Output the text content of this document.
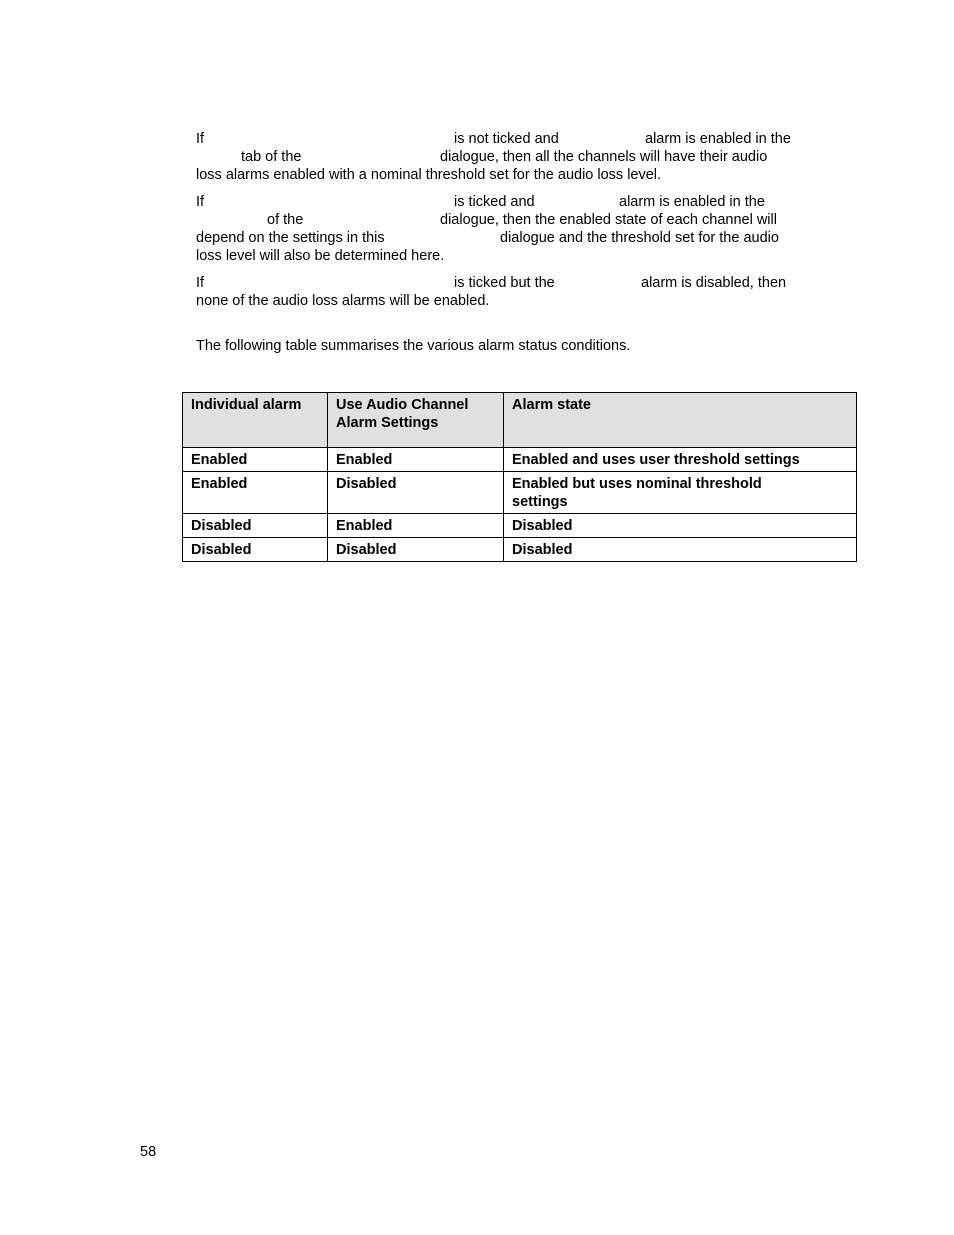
If	is not ticked and	alarm is enabled in the
tab of the	dialogue, then all the channels will have their audio
loss alarms enabled with a nominal threshold set for the audio loss level.
If	is ticked and	alarm is enabled in the
of the	dialogue, then the enabled state of each channel will
depend on the settings in this	dialogue and the threshold set for the audio
loss level will also be determined here.
If	is ticked but the	alarm is disabled, then
none of the audio loss alarms will be enabled.
The following table summarises the various alarm status conditions.
Individual alarm	Use Audio Channel Alarm Settings	Alarm state
Enabled	Enabled	Enabled and uses user threshold settings
Enabled	Disabled	Enabled but uses nominal threshold settings
Disabled	Enabled	Disabled
Disabled	Disabled	Disabled
58
